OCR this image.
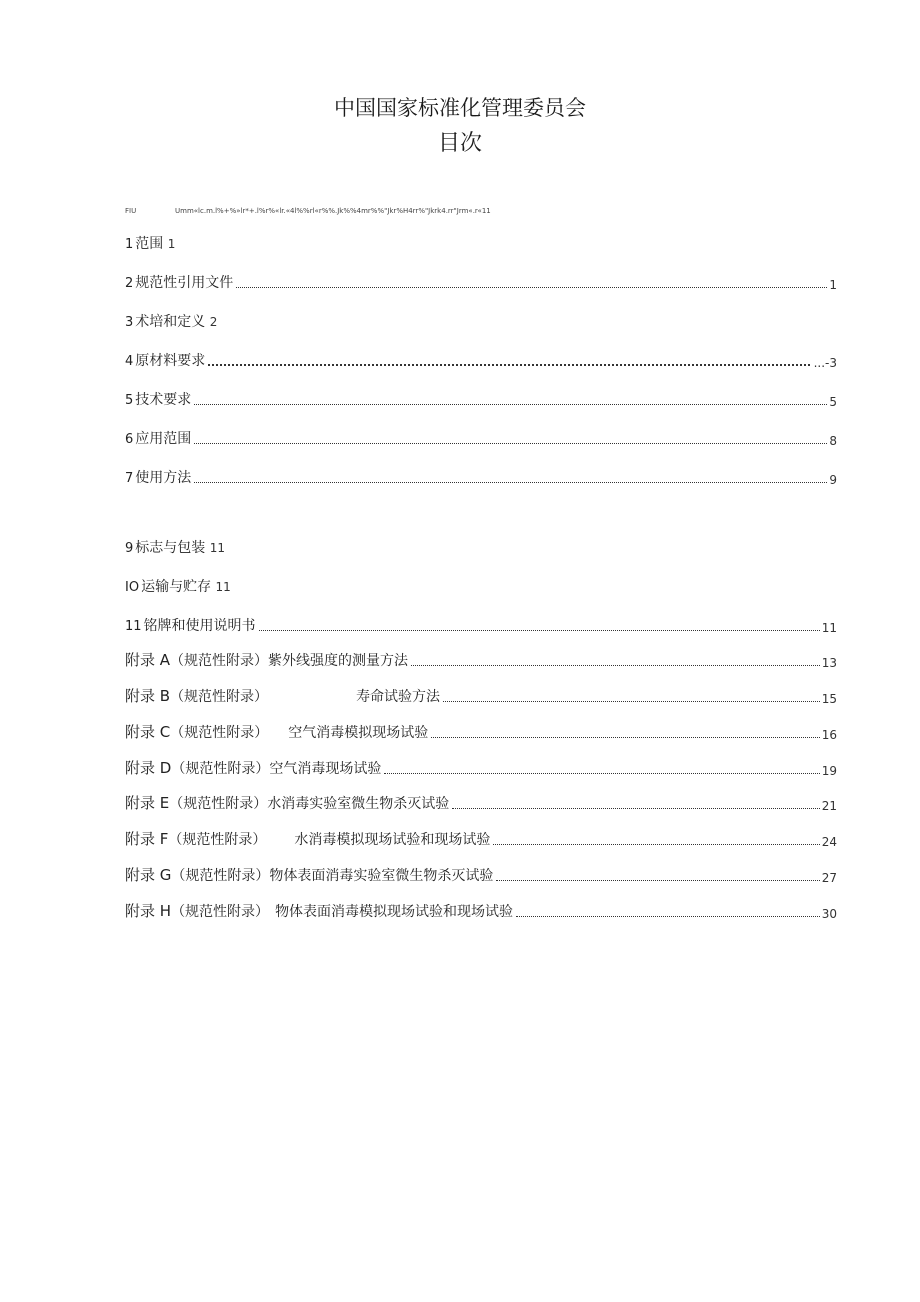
中国国家标准化管理委员会
目次
FIU	Umm«lc.m.l%+%»lr*+.l%r%«lr.«4l%%rl«r%%.Jk%%4mr%%"Jkr%H4rr%"Jkrk4.rr"Jrm«.r«11
1 范围 1
2 规范性引用文件	1
3 术培和定义 2
4 原材料要求	...-3
5 技术要求	5
6 应用范围	8
7 使用方法	9
9 标志与包装 11
IO 运输与贮存 11
11 铭牌和使用说明书	11
附录 A（规范性附录）紫外线强度的测量方法	13
附录 B（规范性附录）	寿命试验方法	15
附录 C（规范性附录） 空气消毒模拟现场试验	16
附录 D（规范性附录）空气消毒现场试验	19
附录 E（规范性附录）水消毒实验室微生物杀灭试验	21
附录 F（规范性附录） 水消毒模拟现场试验和现场试验	24
附录 G（规范性附录）物体表面消毒实验室微生物杀灭试验	27
附录 H（规范性附录） 物体表面消毒模拟现场试验和现场试验	30
